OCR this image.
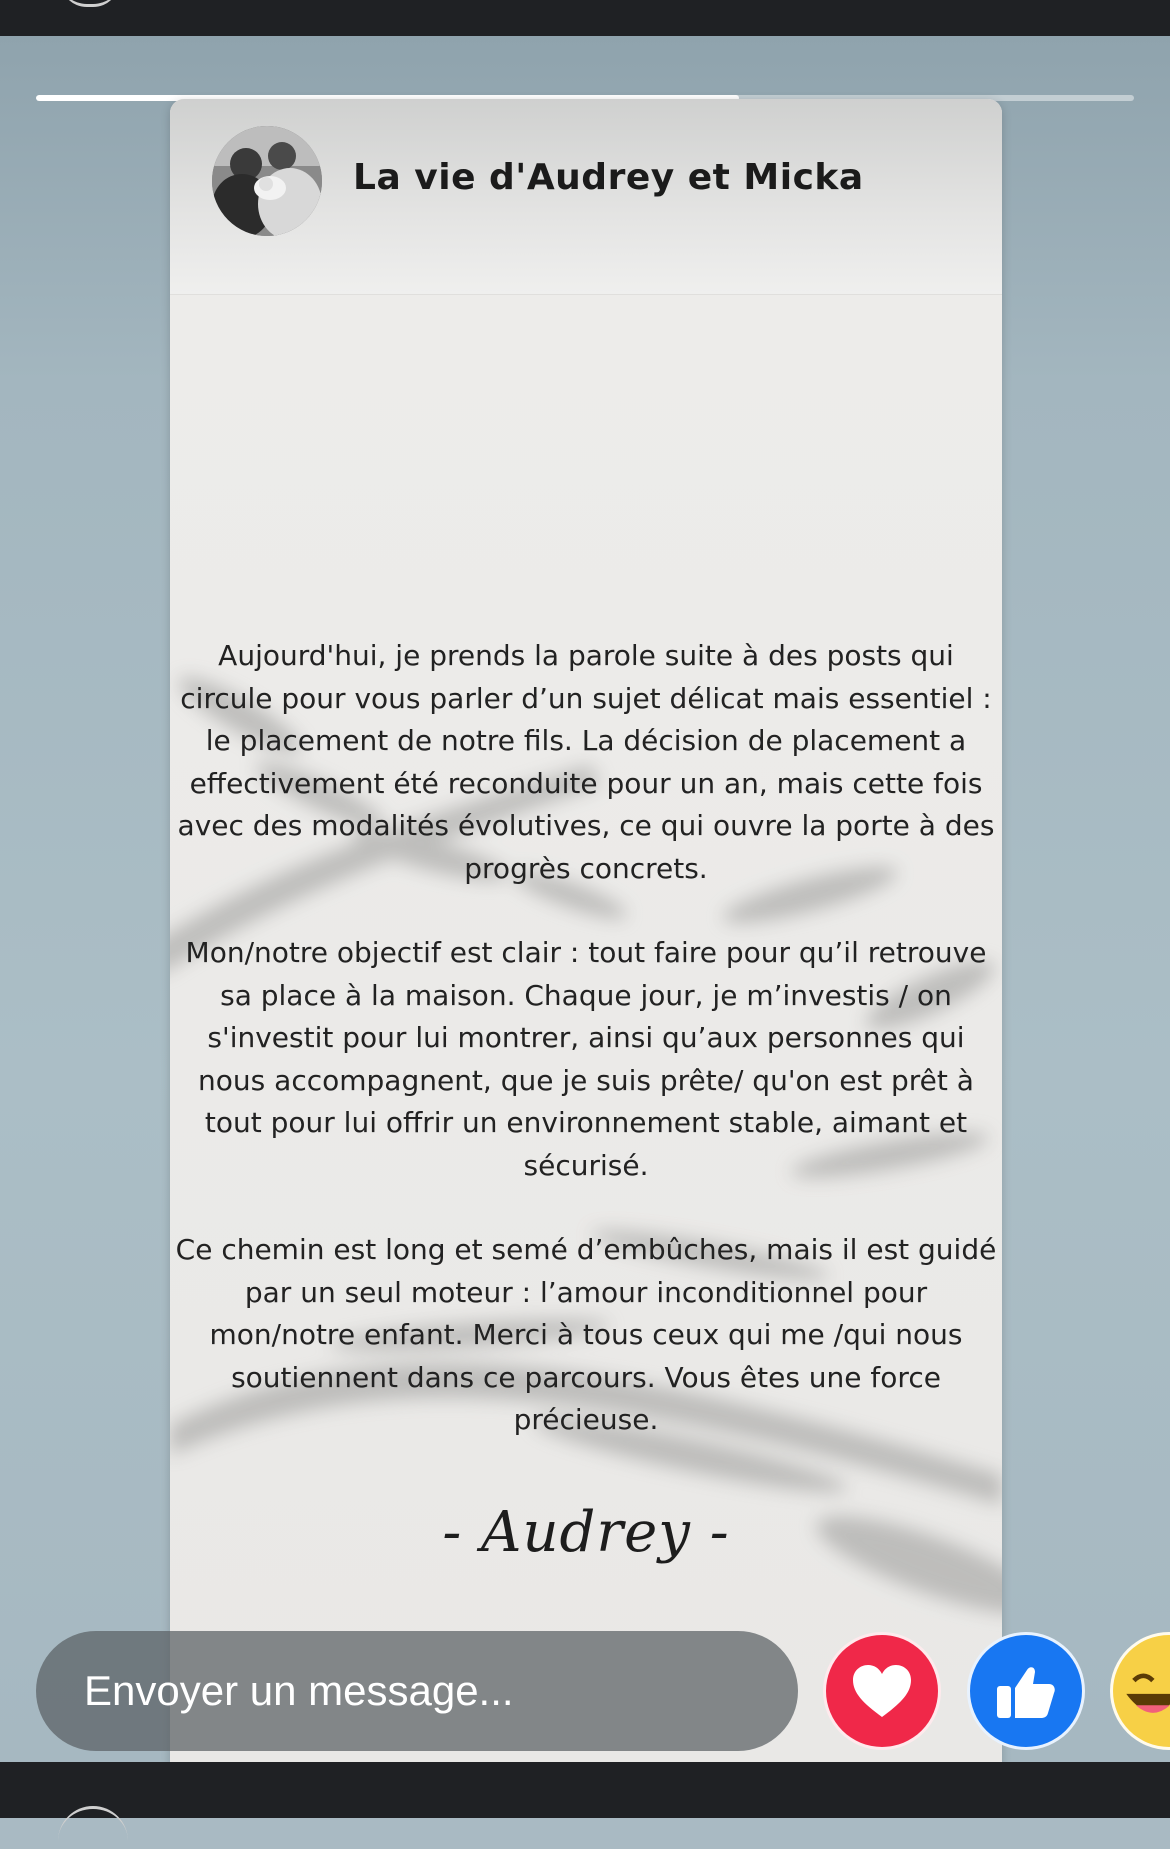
La vie d'Audrey et Micka

Aujourd'hui, je prends la parole suite à des posts qui circule pour vous parler d’un sujet délicat mais essentiel : le placement de notre fils. La décision de placement a effectivement été reconduite pour un an, mais cette fois avec des modalités évolutives, ce qui ouvre la porte à des progrès concrets.

Mon/notre objectif est clair : tout faire pour qu’il retrouve sa place à la maison. Chaque jour, je m’investis / on s'investit pour lui montrer, ainsi qu’aux personnes qui nous accompagnent, que je suis prête/ qu'on est prêt à tout pour lui offrir un environnement stable, aimant et sécurisé.

Ce chemin est long et semé d’embûches, mais il est guidé par un seul moteur : l’amour inconditionnel pour mon/notre enfant. Merci à tous ceux qui me /qui nous soutiennent dans ce parcours. Vous êtes une force précieuse.

- Audrey -
Envoyer un message...
